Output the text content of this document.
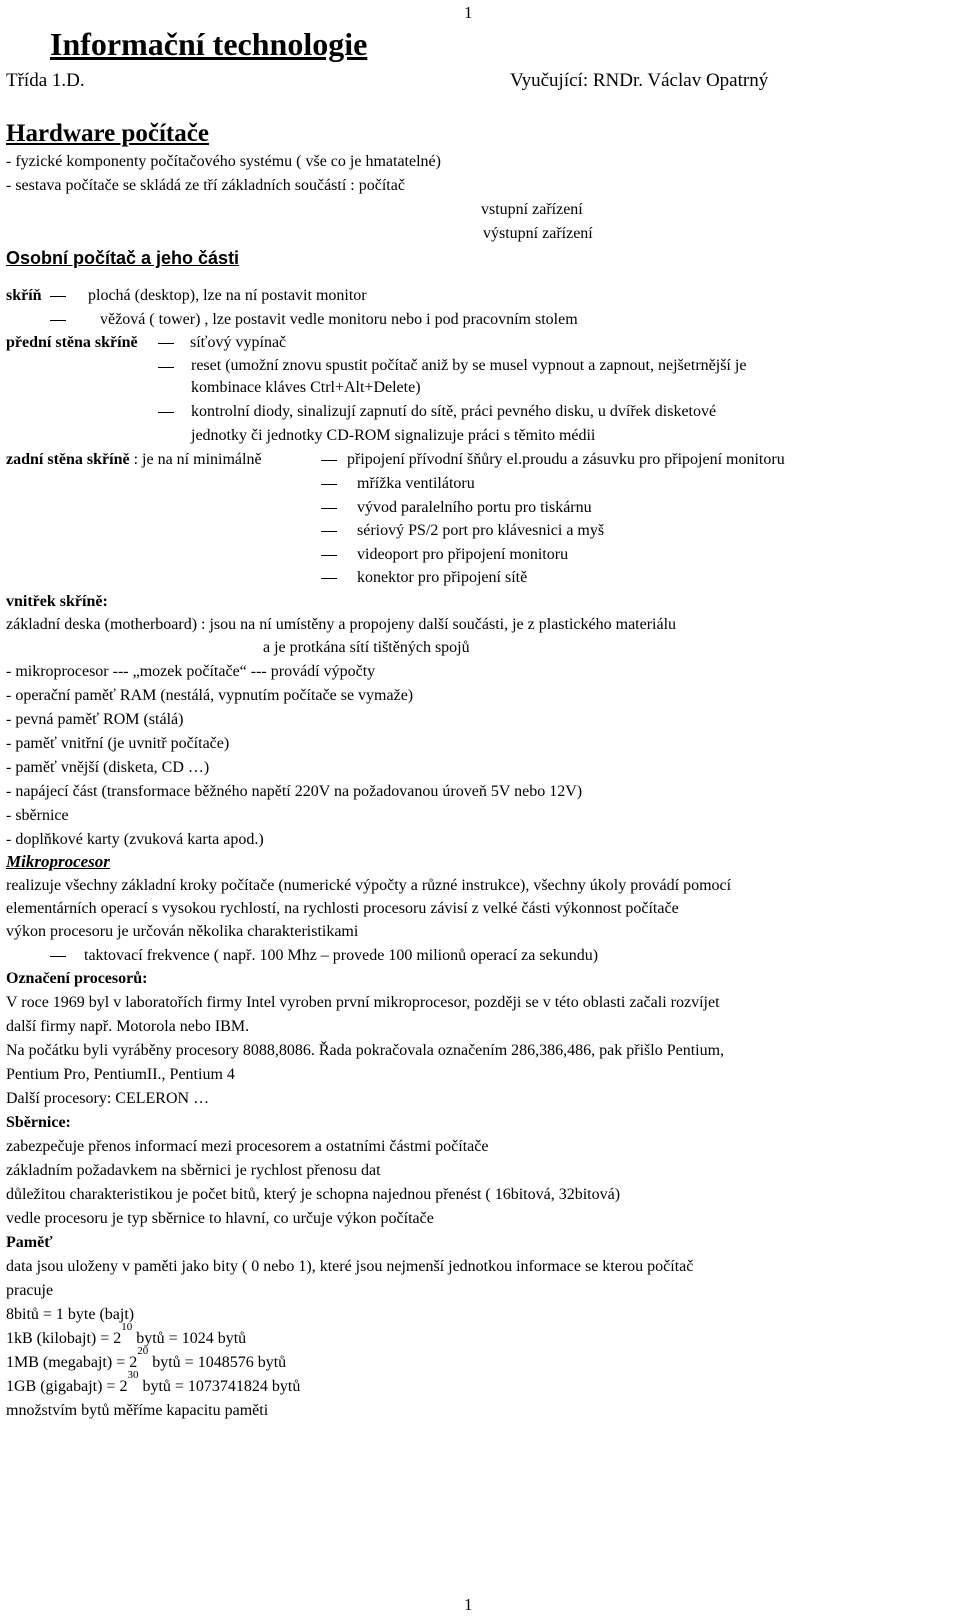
1
1
Informační technologie
Třída 1.D.	Vyučující: RNDr. Václav Opatrný
Hardware počítače
- fyzické komponenty počítačového systému ( vše co je hmatatelné)
- sestava počítače se skládá ze tří základních součástí : počítač
vstupní zařízení
výstupní zařízení
Osobní počítač a jeho části
skříň	plochá (desktop), lze na ní postavit monitor
věžová ( tower) , lze postavit vedle monitoru nebo i pod pracovním stolem
přední stěna skříně	síťový vypínač
reset (umožní znovu spustit počítač aniž by se musel vypnout a zapnout, nejšetrnější je
kombinace kláves Ctrl+Alt+Delete)
kontrolní diody, sinalizují zapnutí do sítě, práci pevného disku, u dvířek disketové
jednotky či jednotky CD-ROM signalizuje práci s těmito médii
zadní stěna skříně : je na ní minimálně	připojení přívodní šňůry el.proudu a zásuvku pro připojení monitoru
mřížka ventilátoru
vývod paralelního portu pro tiskárnu
sériový PS/2 port pro klávesnici a myš
videoport pro připojení monitoru
konektor pro připojení sítě
vnitřek skříně:
základní deska (motherboard) : jsou na ní umístěny a propojeny další součásti, je z plastického materiálu
a je protkána sítí tištěných spojů
- mikroprocesor --- „mozek počítače“ --- provádí výpočty
- operační paměť RAM (nestálá, vypnutím počítače se vymaže)
- pevná paměť ROM (stálá)
- paměť vnitřní (je uvnitř počítače)
- paměť vnější (disketa, CD …)
- napájecí část (transformace běžného napětí 220V na požadovanou úroveň 5V nebo 12V)
- sběrnice
- doplňkové karty (zvuková karta apod.)
Mikroprocesor
realizuje všechny základní kroky počítače (numerické výpočty a různé instrukce), všechny úkoly provádí pomocí
elementárních operací s vysokou rychlostí, na rychlosti procesoru závisí z velké části výkonnost počítače
výkon procesoru je určován několika charakteristikami
taktovací frekvence ( např. 100 Mhz – provede 100 milionů operací za sekundu)
Označení procesorů:
V roce 1969 byl v laboratořích firmy Intel vyroben první mikroprocesor, později se v této oblasti začali rozvíjet
další firmy např. Motorola nebo IBM.
Na počátku byli vyráběny procesory 8088,8086. Řada pokračovala označením 286,386,486, pak přišlo Pentium,
Pentium Pro, PentiumII., Pentium 4
Další procesory: CELERON …
Sběrnice:
zabezpečuje přenos informací mezi procesorem a ostatními částmi počítače
základním požadavkem na sběrnici je rychlost přenosu dat
důležitou charakteristikou je počet bitů, který je schopna najednou přenést ( 16bitová, 32bitová)
vedle procesoru je typ sběrnice to hlavní, co určuje výkon počítače
Paměť
data jsou uloženy v paměti jako bity ( 0 nebo 1), které jsou nejmenší jednotkou informace se kterou počítač
pracuje
8bitů = 1 byte (bajt)
1kB (kilobajt) = $2^{10}$ bytů = 1024 bytů
1MB (megabajt) = $2^{20}$ bytů = 1048576 bytů
1GB (gigabajt) = $2^{30}$ bytů = 1073741824 bytů
množstvím bytů měříme kapacitu paměti
